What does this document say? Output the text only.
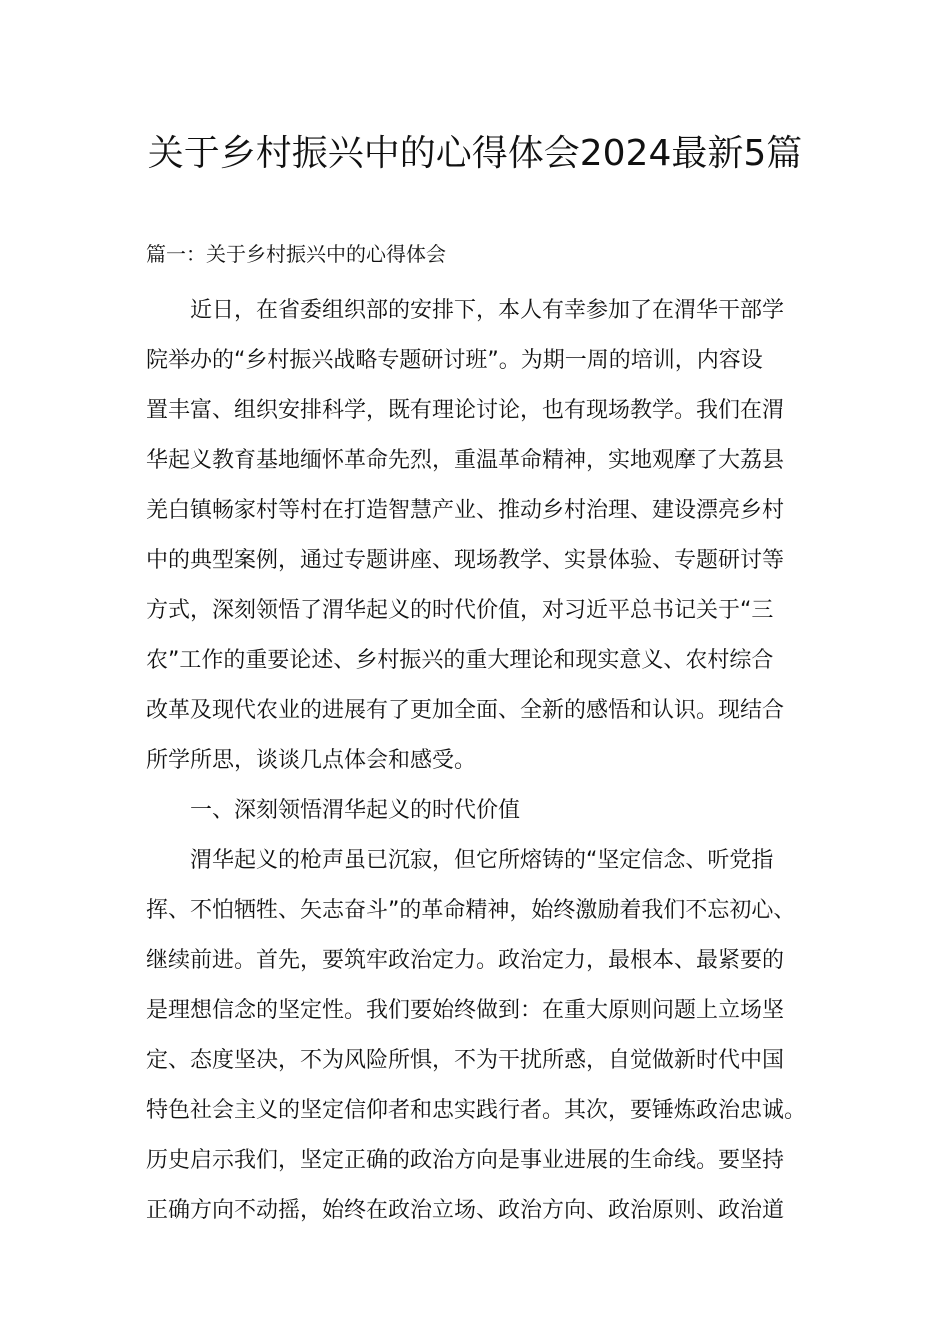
关于乡村振兴中的心得体会2024最新5篇

篇一：关于乡村振兴中的心得体会

近日，在省委组织部的安排下，本人有幸参加了在渭华干部学

院举办的“乡村振兴战略专题研讨班”。为期一周的培训，内容设

置丰富、组织安排科学，既有理论讨论，也有现场教学。我们在渭

华起义教育基地缅怀革命先烈，重温革命精神，实地观摩了大荔县

羌白镇畅家村等村在打造智慧产业、推动乡村治理、建设漂亮乡村

中的典型案例，通过专题讲座、现场教学、实景体验、专题研讨等

方式，深刻领悟了渭华起义的时代价值，对习近平总书记关于“三

农”工作的重要论述、乡村振兴的重大理论和现实意义、农村综合

改革及现代农业的进展有了更加全面、全新的感悟和认识。现结合

所学所思，谈谈几点体会和感受。

一、深刻领悟渭华起义的时代价值

渭华起义的枪声虽已沉寂，但它所熔铸的“坚定信念、听党指

挥、不怕牺牲、矢志奋斗”的革命精神，始终激励着我们不忘初心、

继续前进。首先，要筑牢政治定力。政治定力，最根本、最紧要的

是理想信念的坚定性。我们要始终做到：在重大原则问题上立场坚

定、态度坚决，不为风险所惧，不为干扰所惑，自觉做新时代中国

特色社会主义的坚定信仰者和忠实践行者。其次，要锤炼政治忠诚。

历史启示我们，坚定正确的政治方向是事业进展的生命线。要坚持

正确方向不动摇，始终在政治立场、政治方向、政治原则、政治道
